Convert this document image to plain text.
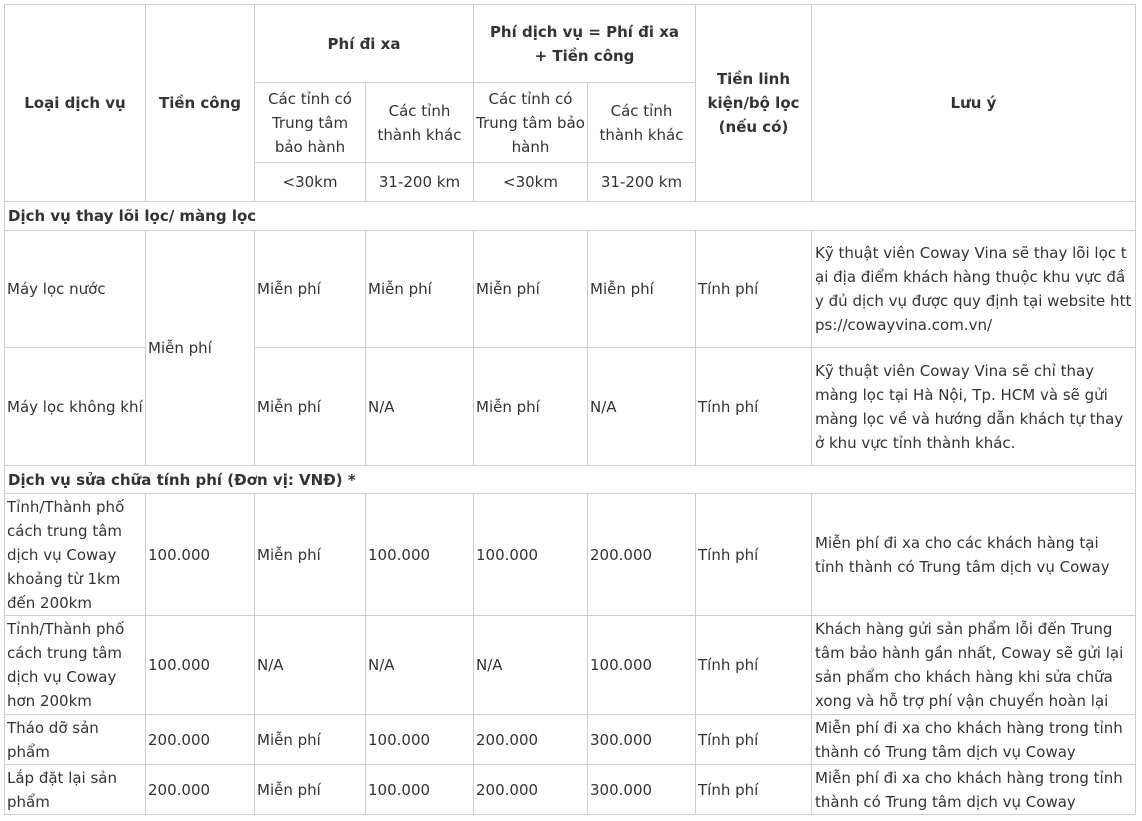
Loại dịch vụ	Tiền công	Phí đi xa		Phí dịch vụ = Phí đi xa + Tiền công		Tiền linh kiện/bộ lọc (nếu có)	Lưu ý
		Các tỉnh có Trung tâm bảo hành	Các tỉnh thành khác	Các tỉnh có Trung tâm bảo hành	Các tỉnh thành khác		
		<30km	31-200 km	<30km	31-200 km		
Dịch vụ thay lõi lọc/ màng lọc							
Máy lọc nước	Miễn phí	Miễn phí	Miễn phí	Miễn phí	Miễn phí	Tính phí	Kỹ thuật viên Coway Vina sẽ thay lõi lọc tại địa điểm khách hàng thuộc khu vực đầy đủ dịch vụ được quy định tại website https://cowayvina.com.vn/
Máy lọc không khí		Miễn phí	N/A	Miễn phí	N/A	Tính phí	Kỹ thuật viên Coway Vina sẽ chỉ thay màng lọc tại Hà Nội, Tp. HCM và sẽ gửi màng lọc về và hướng dẫn khách tự thay ở khu vực tỉnh thành khác.
Dịch vụ sửa chữa tính phí (Đơn vị: VNĐ) *							
Tỉnh/Thành phố cách trung tâm dịch vụ Coway khoảng từ 1km đến 200km	100.000	Miễn phí	100.000	100.000	200.000	Tính phí	Miễn phí đi xa cho các khách hàng tại tỉnh thành có Trung tâm dịch vụ Coway
Tỉnh/Thành phố cách trung tâm dịch vụ Coway hơn 200km	100.000	N/A	N/A	N/A	100.000	Tính phí	Khách hàng gửi sản phẩm lỗi đến Trung tâm bảo hành gần nhất, Coway sẽ gửi lại sản phẩm cho khách hàng khi sửa chữa xong và hỗ trợ phí vận chuyển hoàn lại
Tháo dỡ sản phẩm	200.000	Miễn phí	100.000	200.000	300.000	Tính phí	Miễn phí đi xa cho khách hàng trong tỉnh thành có Trung tâm dịch vụ Coway
Lắp đặt lại sản phẩm	200.000	Miễn phí	100.000	200.000	300.000	Tính phí	Miễn phí đi xa cho khách hàng trong tỉnh thành có Trung tâm dịch vụ Coway
